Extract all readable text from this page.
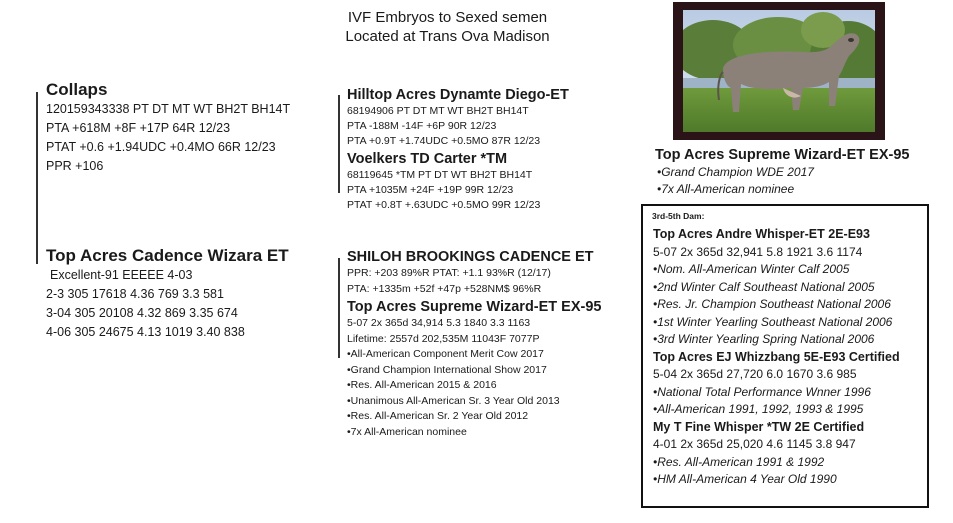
IVF Embryos to Sexed semen
Located at Trans Ova Madison
Collaps
120159343338 PT DT MT WT BH2T BH14T
PTA +618M +8F +17P 64R 12/23
PTAT +0.6 +1.94UDC +0.4MO 66R 12/23
PPR +106
Top Acres Cadence Wizara ET
Excellent-91 EEEEE 4-03
2-3 305 17618 4.36 769 3.3 581
3-04 305 20108 4.32 869 3.35 674
4-06 305 24675 4.13 1019 3.40 838
Hilltop Acres Dynamte Diego-ET
68194906 PT DT MT WT BH2T BH14T
PTA -188M -14F +6P 90R 12/23
PTA +0.9T +1.74UDC +0.5MO 87R 12/23
Voelkers TD Carter *TM
68119645 *TM PT DT WT BH2T BH14T
PTA +1035M +24F +19P 99R 12/23
PTAT +0.8T +.63UDC +0.5MO 99R 12/23
SHILOH BROOKINGS CADENCE ET
PPR: +203 89%R PTAT: +1.1 93%R (12/17)
PTA: +1335m +52f +47p +528NM$ 96%R
Top Acres Supreme Wizard-ET EX-95
5-07 2x 365d 34,914 5.3 1840 3.3 1163
Lifetime: 2557d 202,535M 11043F 7077P
•All-American Component Merit Cow 2017
•Grand Champion International Show 2017
•Res. All-American 2015 & 2016
•Unanimous All-American Sr. 3 Year Old 2013
•Res. All-American Sr. 2 Year Old 2012
•7x All-American nominee
Top Acres Supreme Wizard-ET EX-95
•Grand Champion WDE 2017
•7x All-American nominee
3rd-5th Dam:
Top Acres Andre Whisper-ET 2E-E93
5-07 2x 365d 32,941 5.8 1921 3.6 1174
•Nom. All-American Winter Calf 2005
•2nd Winter Calf Southeast National 2005
•Res. Jr. Champion Southeast National 2006
•1st Winter Yearling Southeast National 2006
•3rd Winter Yearling Spring National 2006
Top Acres EJ Whizzbang 5E-E93 Certified
5-04 2x 365d 27,720 6.0 1670 3.6 985
•National Total Performance Wnner 1996
•All-American 1991, 1992, 1993 & 1995
My T Fine Whisper *TW 2E Certified
4-01 2x 365d 25,020 4.6 1145 3.8 947
•Res. All-American 1991 & 1992
•HM All-American 4 Year Old 1990
